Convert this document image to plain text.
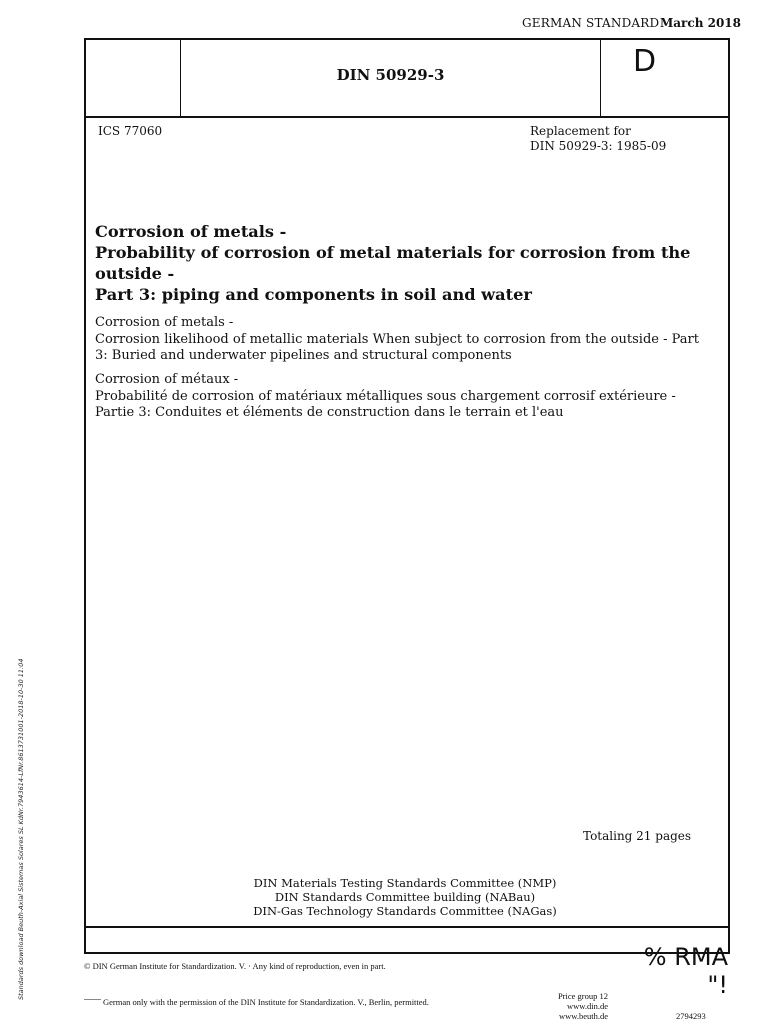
GERMAN STANDARD March 2018
DIN 50929-3	D
ICS 77060	Replacement for
DIN 50929-3: 1985-09
Corrosion of metals -
Probability of corrosion of metal materials for corrosion from the outside -
Part 3: piping and components in soil and water
Corrosion of metals -
Corrosion likelihood of metallic materials When subject to corrosion from the outside - Part 3: Buried and underwater pipelines and structural components
Corrosion of métaux -
Probabilité de corrosion of matériaux métalliques sous chargement corrosif extérieure - Partie 3: Conduites et éléments de construction dans le terrain et l'eau
Totaling 21 pages
DIN Materials Testing Standards Committee (NMP)
DIN Standards Committee building (NABau)
DIN-Gas Technology Standards Committee (NAGas)
© DIN German Institute for Standardization. V. · Any kind of reproduction, even in part.
German only with the permission of the DIN Institute for Standardization. V., Berlin, permitted.
% RMA
"!
Price group 12
www.din.de
www.beuth.de	2794293
Standards download Beuth-Axial Sistemas Solares SL KdNr.7943614-LfNr.8613731001-2018-10-30 11:04
